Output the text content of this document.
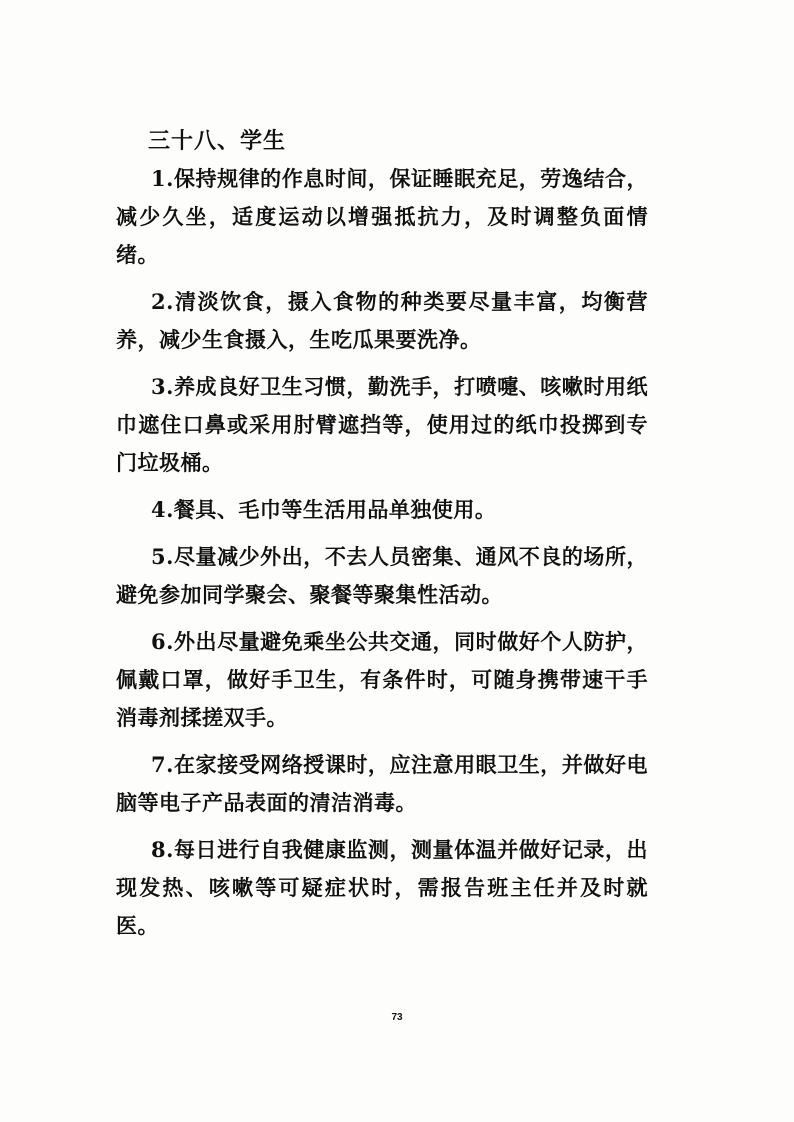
三十八、学生

1.保持规律的作息时间，保证睡眠充足，劳逸结合，减少久坐，适度运动以增强抵抗力，及时调整负面情绪。

2.清淡饮食，摄入食物的种类要尽量丰富，均衡营养，减少生食摄入，生吃瓜果要洗净。

3.养成良好卫生习惯，勤洗手，打喷嚏、咳嗽时用纸巾遮住口鼻或采用肘臂遮挡等，使用过的纸巾投掷到专门垃圾桶。

4.餐具、毛巾等生活用品单独使用。

5.尽量减少外出，不去人员密集、通风不良的场所，避免参加同学聚会、聚餐等聚集性活动。

6.外出尽量避免乘坐公共交通，同时做好个人防护，佩戴口罩，做好手卫生，有条件时，可随身携带速干手消毒剂揉搓双手。

7.在家接受网络授课时，应注意用眼卫生，并做好电脑等电子产品表面的清洁消毒。

8.每日进行自我健康监测，测量体温并做好记录，出现发热、咳嗽等可疑症状时，需报告班主任并及时就医。

73
